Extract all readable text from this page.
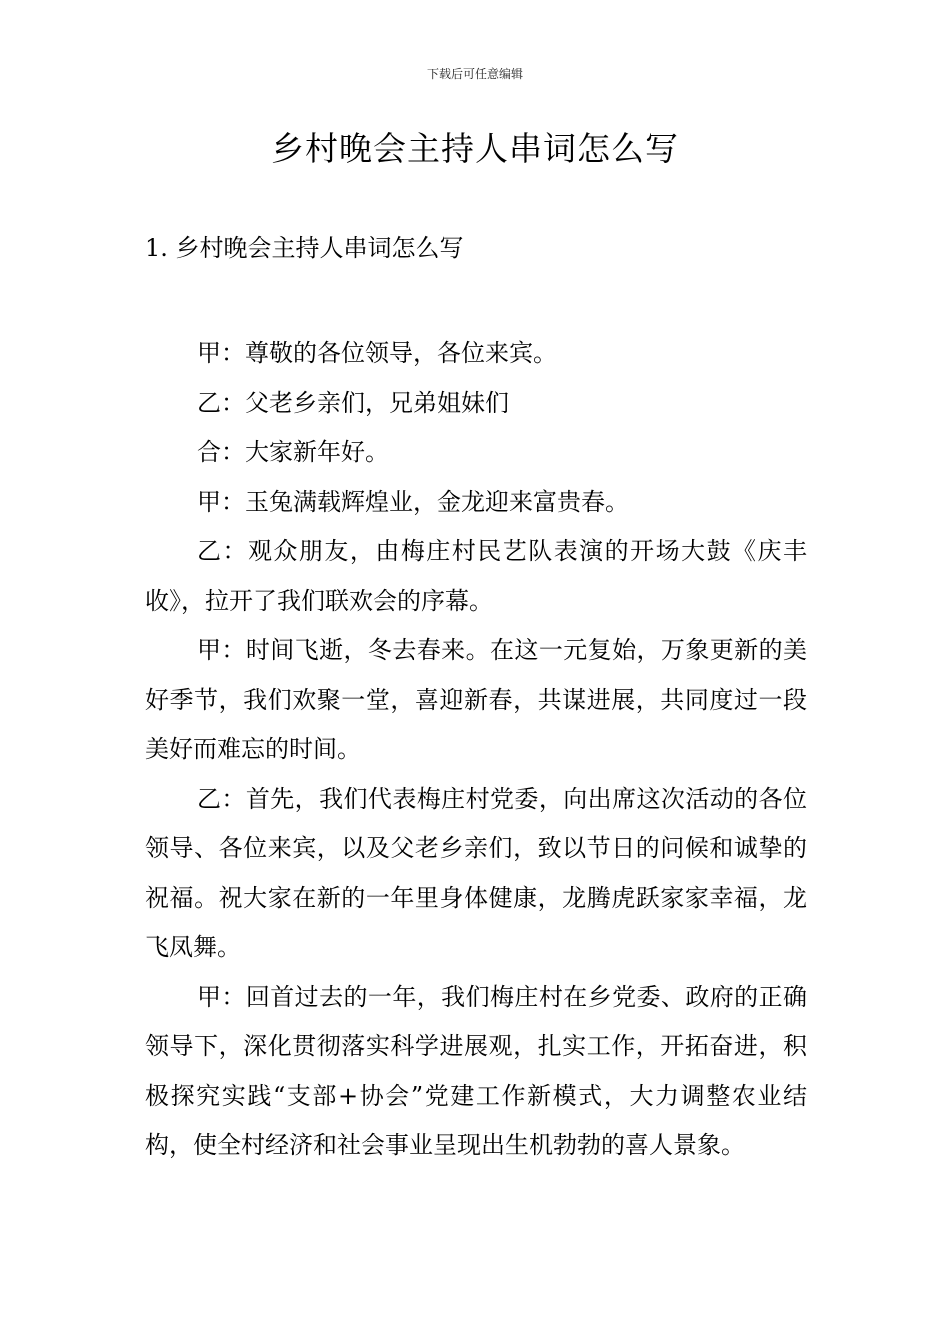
下载后可任意编辑
乡村晚会主持人串词怎么写
1. 乡村晚会主持人串词怎么写

甲：尊敬的各位领导，各位来宾。

乙：父老乡亲们，兄弟姐妹们

合：大家新年好。

甲：玉兔满载辉煌业，金龙迎来富贵春。

乙：观众朋友，由梅庄村民艺队表演的开场大鼓《庆丰收》，拉开了我们联欢会的序幕。

甲：时间飞逝，冬去春来。在这一元复始，万象更新的美好季节，我们欢聚一堂，喜迎新春，共谋进展，共同度过一段美好而难忘的时间。

乙：首先，我们代表梅庄村党委，向出席这次活动的各位领导、各位来宾，以及父老乡亲们，致以节日的问候和诚挚的祝福。祝大家在新的一年里身体健康，龙腾虎跃家家幸福，龙飞凤舞。

甲：回首过去的一年，我们梅庄村在乡党委、政府的正确领导下，深化贯彻落实科学进展观，扎实工作，开拓奋进，积极探究实践“支部+协会”党建工作新模式，大力调整农业结构，使全村经济和社会事业呈现出生机勃勃的喜人景象。
